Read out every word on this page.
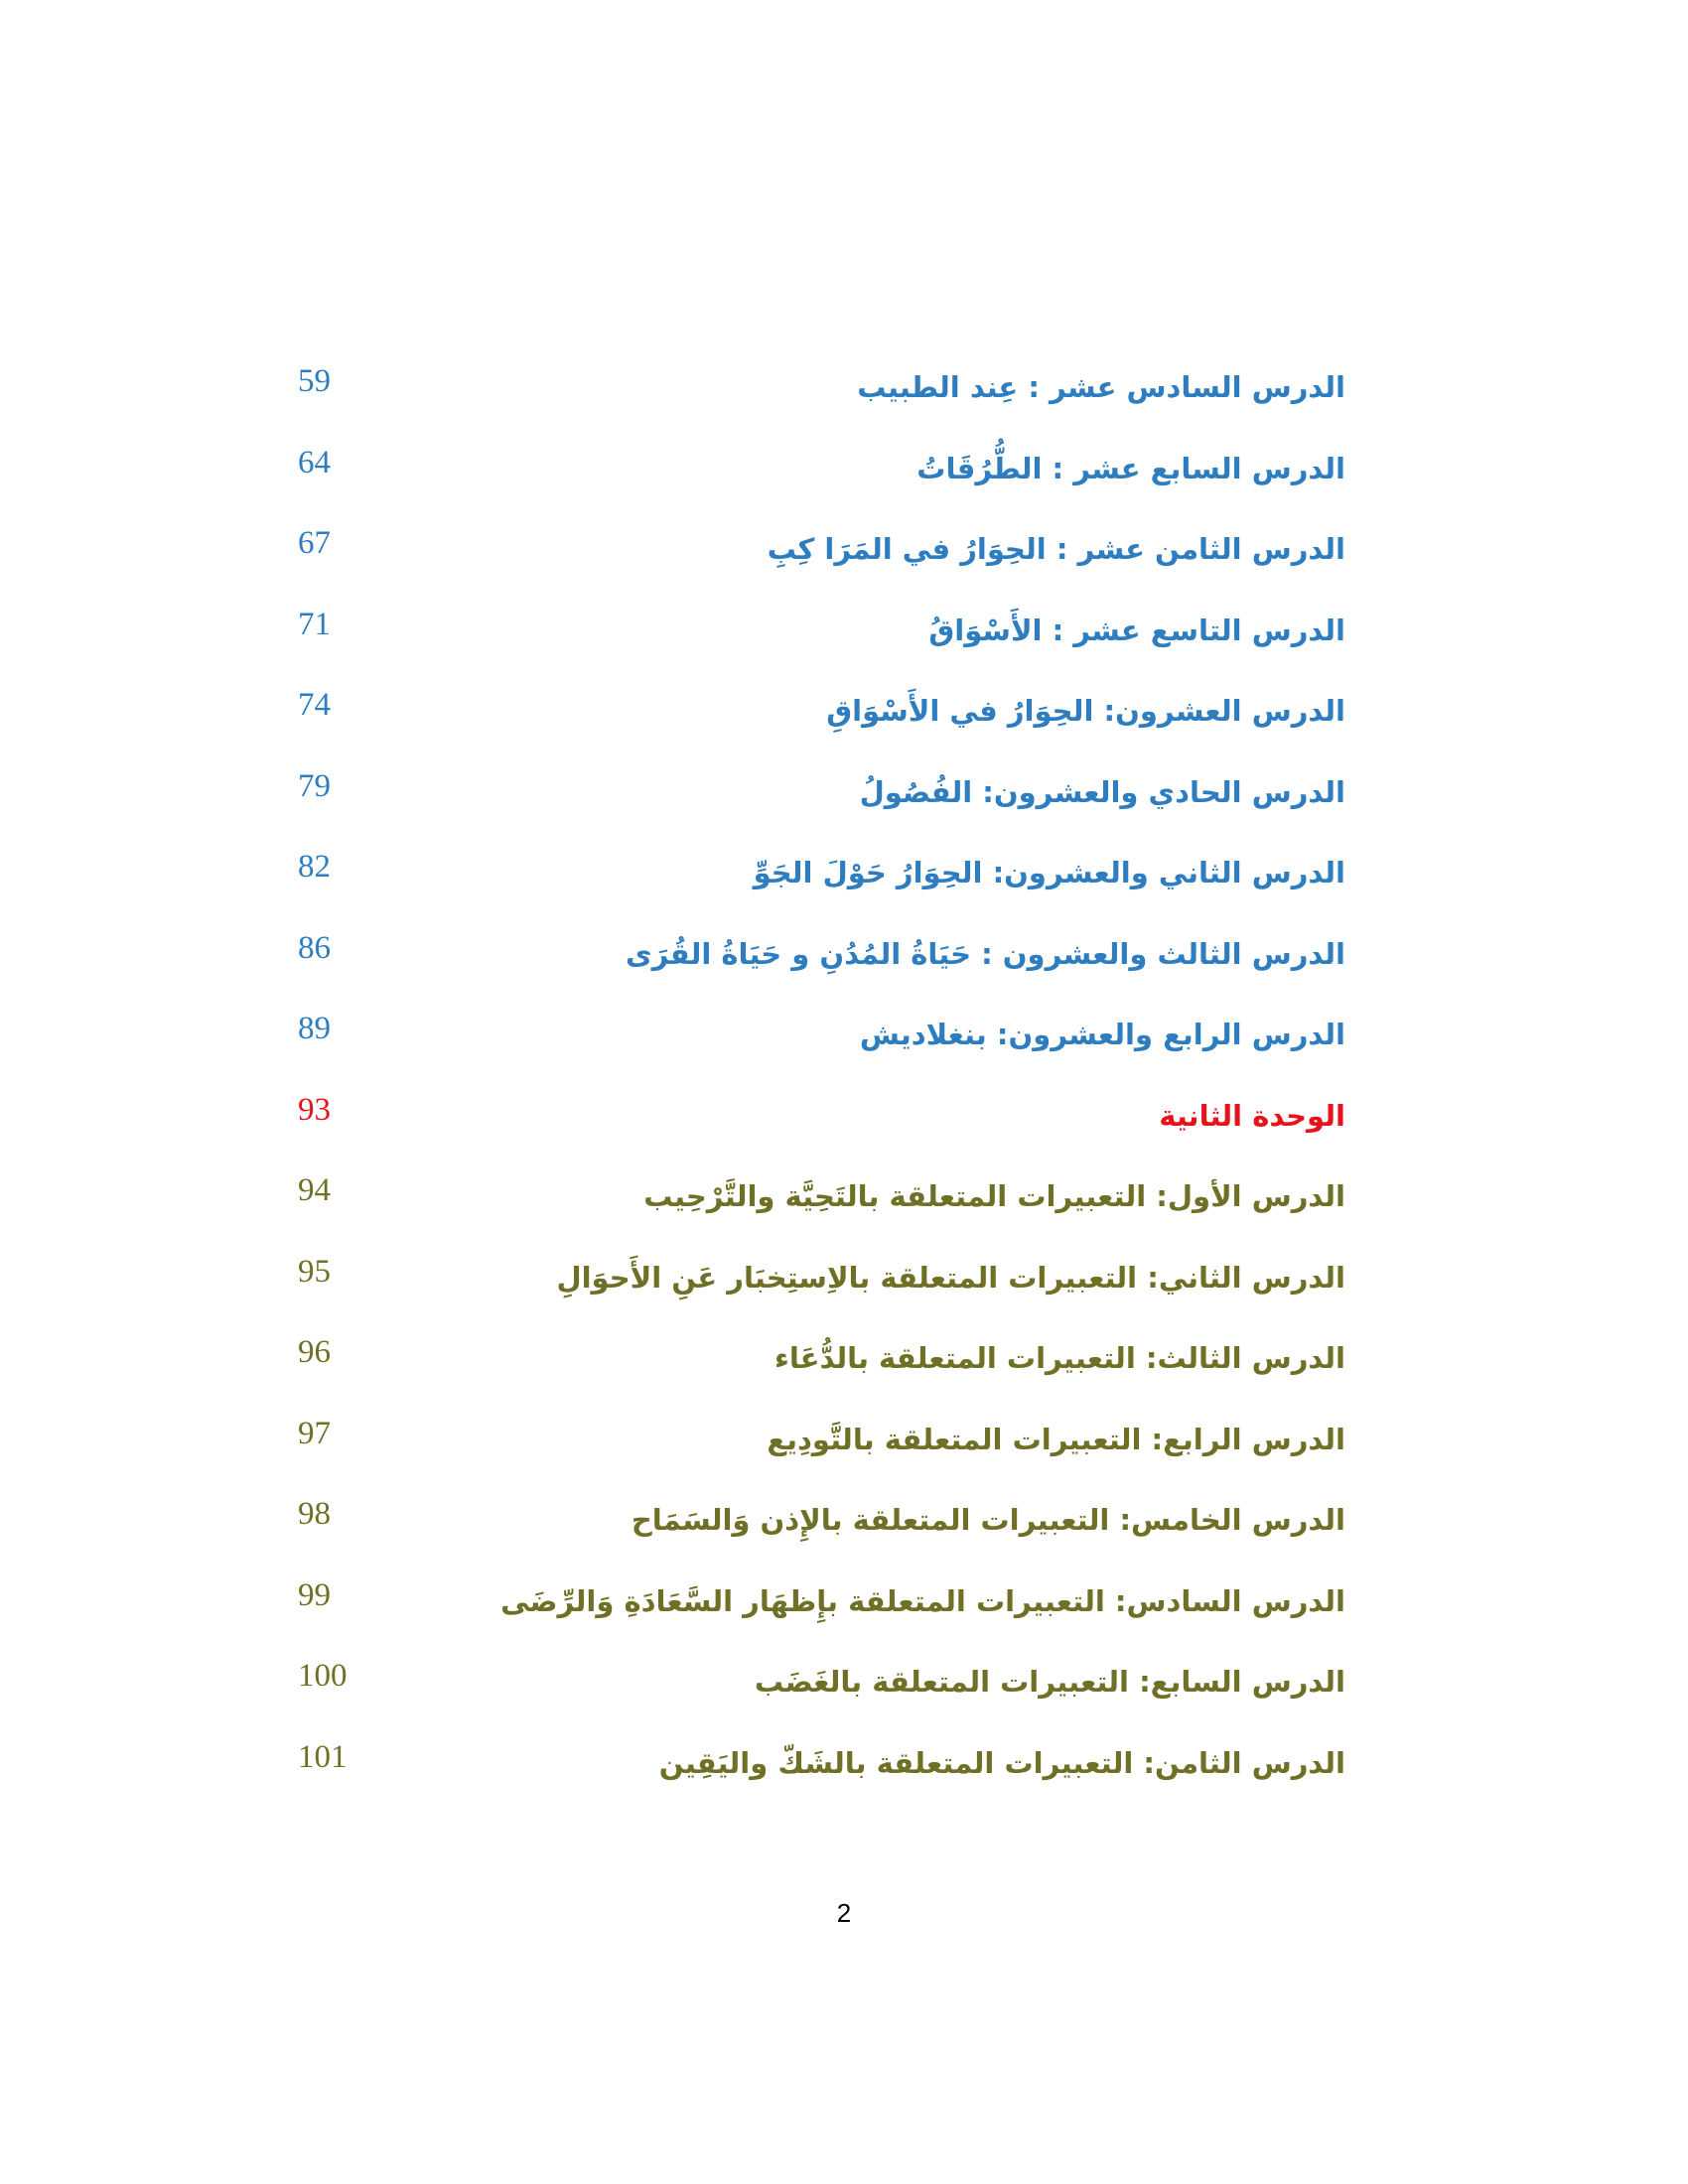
الدرس السادس عشر : عِند الطبيب
59
الدرس السابع عشر : الطُّرُقَاتُ
64
الدرس الثامن عشر : الحِوَارُ في المَرَا كِبِ
67
الدرس التاسع عشر : الأَسْوَاقُ
71
الدرس العشرون: الحِوَارُ في الأَسْوَاقِ
74
الدرس الحادي والعشرون: الفُصُولُ
79
الدرس الثاني والعشرون: الحِوَارُ حَوْلَ الجَوِّ
82
الدرس الثالث والعشرون : حَيَاةُ المُدُنِ و حَيَاةُ القُرَى
86
الدرس الرابع والعشرون: بنغلاديش
89
الوحدة الثانية
93
الدرس الأول: التعبيرات المتعلقة بالتَحِيَّة والتَّرْحِيب
94
الدرس الثاني: التعبيرات المتعلقة بالاِستِخبَار عَنِ الأَحوَالِ
95
الدرس الثالث: التعبيرات المتعلقة بالدُّعَاء
96
الدرس الرابع: التعبيرات المتعلقة بالتَّودِيع
97
الدرس الخامس: التعبيرات المتعلقة بالإِذن وَالسَمَاح
98
الدرس السادس: التعبيرات المتعلقة بإِظهَار السَّعَادَةِ وَالرِّضَى
99
الدرس السابع: التعبيرات المتعلقة بالغَضَب
100
الدرس الثامن: التعبيرات المتعلقة بالشَكّ واليَقِين
101
2
